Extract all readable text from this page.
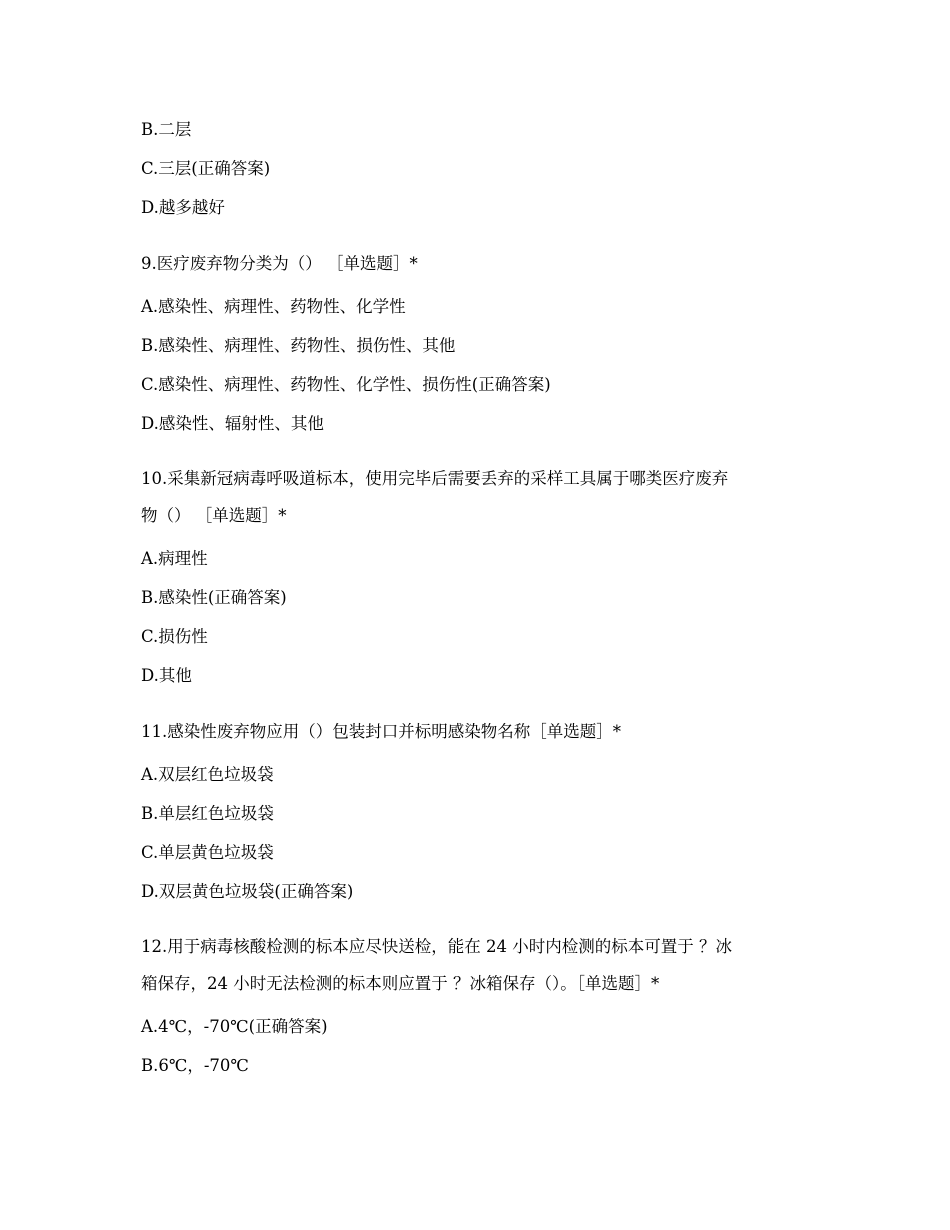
B.二层
C.三层(正确答案)
D.越多越好
9.医疗废弃物分类为（） ［单选题］*
A.感染性、病理性、药物性、化学性
B.感染性、病理性、药物性、损伤性、其他
C.感染性、病理性、药物性、化学性、损伤性(正确答案)
D.感染性、辐射性、其他
10.采集新冠病毒呼吸道标本，使用完毕后需要丢弃的采样工具属于哪类医疗废弃
物（） ［单选题］*
A.病理性
B.感染性(正确答案)
C.损伤性
D.其他
11.感染性废弃物应用（）包装封口并标明感染物名称［单选题］*
A.双层红色垃圾袋
B.单层红色垃圾袋
C.单层黄色垃圾袋
D.双层黄色垃圾袋(正确答案)
12.用于病毒核酸检测的标本应尽快送检，能在 24 小时内检测的标本可置于 ？冰
箱保存，24 小时无法检测的标本则应置于 ？冰箱保存（）。［单选题］*
A.4℃，-70℃(正确答案)
B.6℃，-70℃
